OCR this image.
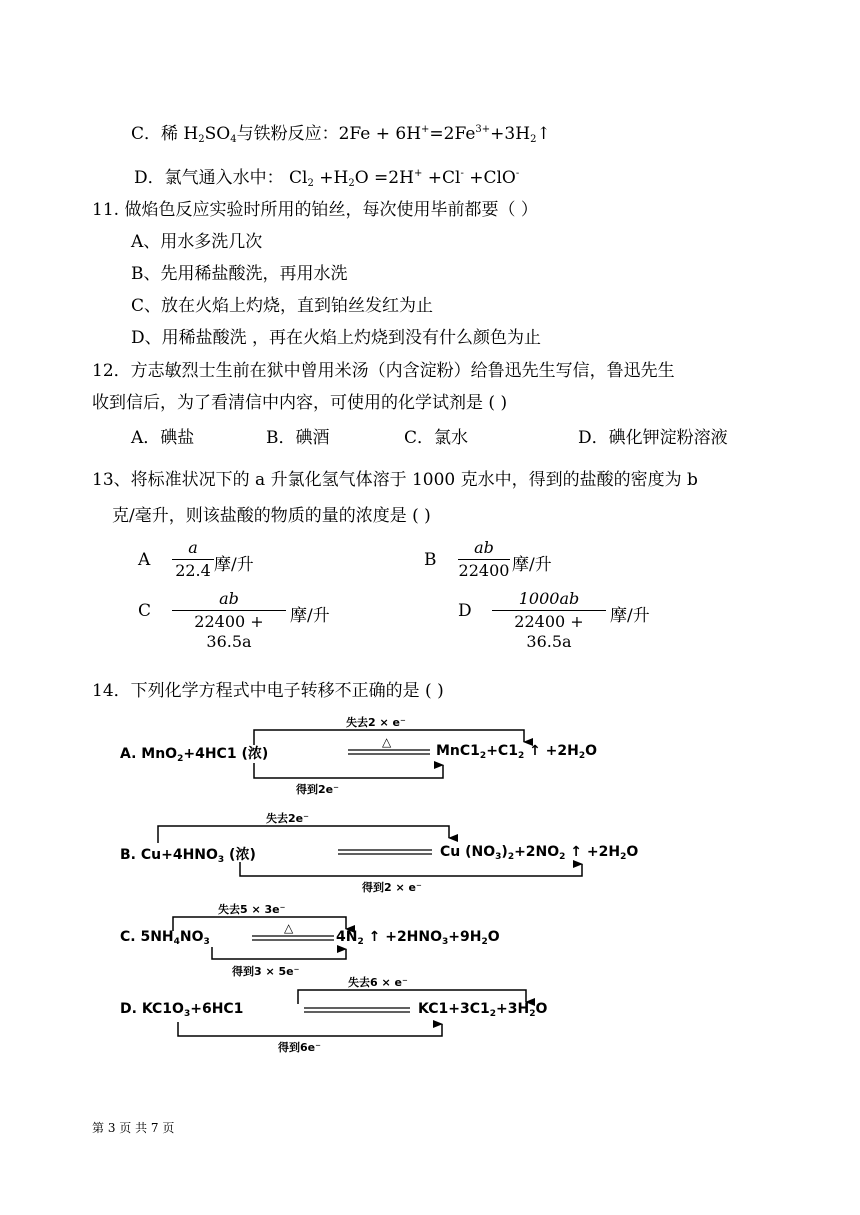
C．稀 $H_2SO_4$与铁粉反应：$2Fe + 6H^+=2Fe^{3+}+3H_2↑$
D．氯气通入水中： $Cl_2 +H_2O =2H^+ +Cl^- +ClO^-$
11. 做焰色反应实验时所用的铂丝，每次使用毕前都要（ ）
A、用水多洗几次
B、先用稀盐酸洗，再用水洗
C、放在火焰上灼烧，直到铂丝发红为止
D、用稀盐酸洗 ，再在火焰上灼烧到没有什么颜色为止
12．方志敏烈士生前在狱中曾用米汤（内含淀粉）给鲁迅先生写信，鲁迅先生
收到信后，为了看清信中内容，可使用的化学试剂是 ( )
A．碘盐	B．碘酒	C．氯水	D．碘化钾淀粉溶液
13、将标准状况下的 a 升氯化氢气体溶于 1000 克水中，得到的盐酸的密度为 b
克/毫升，则该盐酸的物质的量的浓度是 ( )
A
a
22.4 摩/升	B
ab
22400 摩/升
C
ab
22400 + 36.5a
摩/升	D
1000ab
22400 + 36.5a
摩/升
14．下列化学方程式中电子转移不正确的是 ( )
失去2 × e⁻
△
A. MnO$_2$+4HC1 (浓)	$MnC1_2+C1_2$ ↑ $+2H_2O$
得到2e⁻
失去2e⁻
B. $Cu+4HNO_3$ (浓)	Cu $(NO_3)_2+2NO_2$ ↑ $+2H_2O$
得到2 × e⁻
失去5 × 3e⁻
△
C. $5NH_4NO_3$	$4N_2$ ↑ $+2HNO_3+9H_2O$
得到3 × 5e⁻
失去6 × e⁻
D. $KC1O_3+6HC1$	$KC1+3C1_2+3H_2O$
得到6e⁻
第 3 页 共 7 页
